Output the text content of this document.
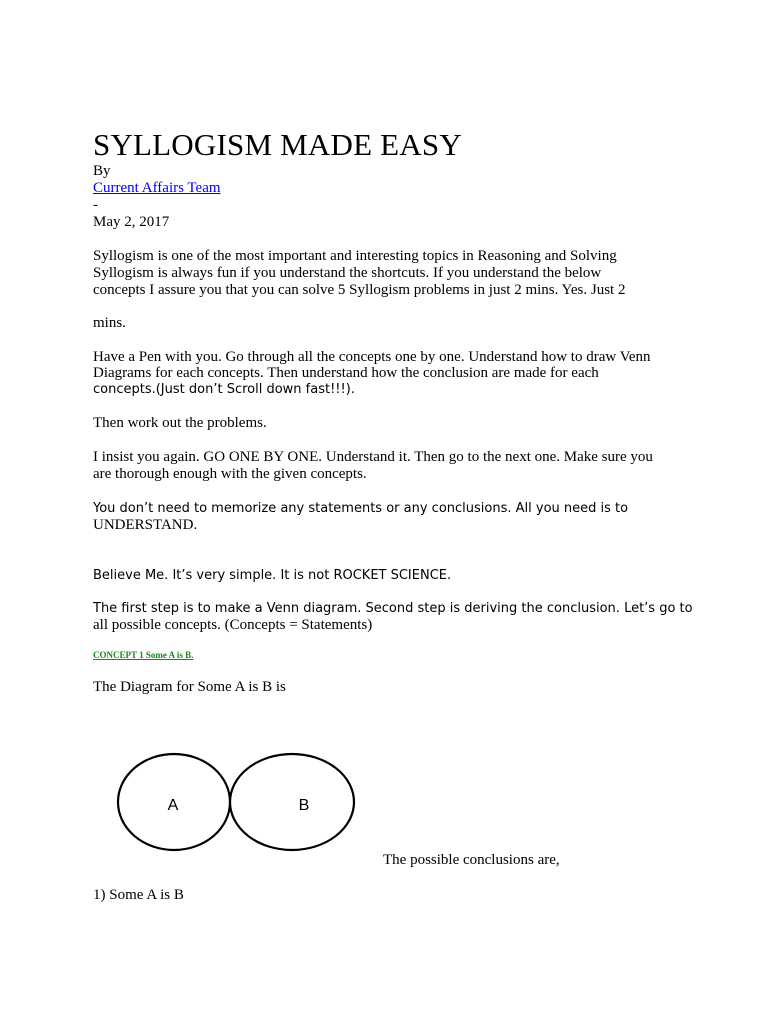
SYLLOGISM MADE EASY
By
Current Affairs Team
-
May 2, 2017
Syllogism is one of the most important and interesting topics in Reasoning and Solving
Syllogism is always fun if you understand the shortcuts. If you understand the below
concepts I assure you that you can solve 5 Syllogism problems in just 2 mins. Yes. Just 2
mins.
Have a Pen with you. Go through all the concepts one by one. Understand how to draw Venn
Diagrams for each concepts. Then understand how the conclusion are made for each
concepts.(Just don’t Scroll down fast!!!).
Then work out the problems.
I insist you again. GO ONE BY ONE. Understand it. Then go to the next one. Make sure you
are thorough enough with the given concepts.
You don’t need to memorize any statements or any conclusions. All you need is to
UNDERSTAND.
Believe Me. It’s very simple. It is not ROCKET SCIENCE.
The first step is to make a Venn diagram. Second step is deriving the conclusion. Let’s go to
all possible concepts. (Concepts = Statements)
CONCEPT 1 Some A is B.
The Diagram for Some A is B is
1) Some A is B
A	B
The possible conclusions are,
